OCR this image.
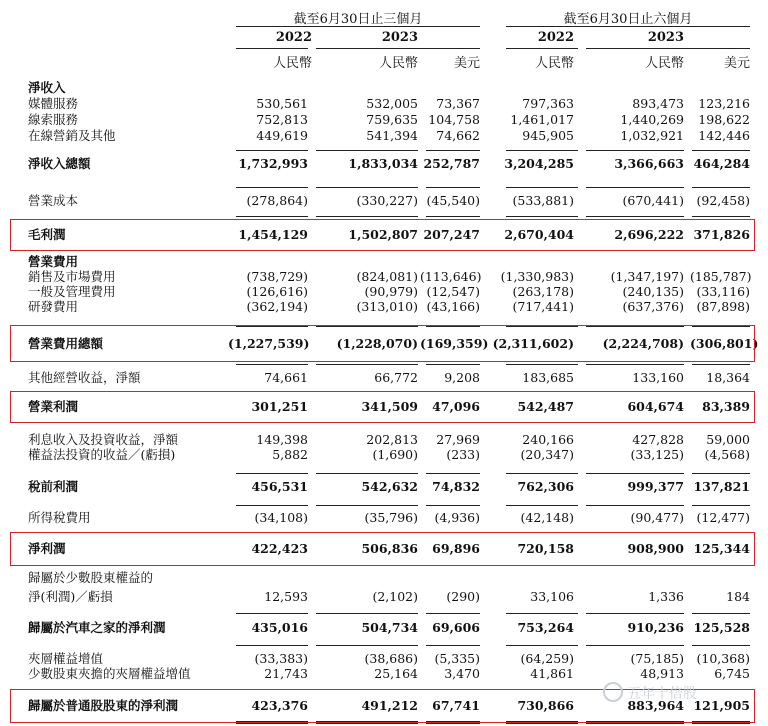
截至6月30日止三個月	截至6月30日止六個月
2022	2023	2022	2023
人民幣	人民幣	美元	人民幣	人民幣	美元
淨收入
媒體服務	530,561	532,005	73,367	797,363	893,473	123,216
線索服務	752,813	759,635 104,758	1,461,017	1,440,269	198,622
在線營銷及其他	449,619	541,394	74,662	945,905	1,032,921	142,446
淨收入總額	1,732,993	1,833,034 252,787	3,204,285	3,366,663 464,284
營業成本	(278,864)	(330,227) (45,540)	(533,881)	(670,441)	(92,458)
毛利潤	1,454,129	1,502,807 207,247	2,670,404	2,696,222 371,826
營業費用
銷售及市場費用	(738,729)	(824,081) (113,646)	(1,330,983)	(1,347,197) (185,787)
一般及管理費用	(126,616)	(90,979) (12,547)	(263,178)	(240,135)	(33,116)
研發費用	(362,194)	(313,010) (43,166)	(717,441)	(637,376)	(87,898)
營業費用總額	(1,227,539)	(1,228,070) (169,359) (2,311,602)	(2,224,708) (306,801)
其他經營收益，淨額	74,661	66,772	9,208	183,685	133,160	18,364
營業利潤	301,251	341,509	47,096	542,487	604,674	83,389
利息收入及投資收益，淨額	149,398	202,813	27,969	240,166	427,828	59,000
權益法投資的收益／(虧損)	5,882	(1,690)	(233)	(20,347)	(33,125)	(4,568)
稅前利潤	456,531	542,632	74,832	762,306	999,377 137,821
所得稅費用	(34,108)	(35,796)	(4,936)	(42,148)	(90,477)	(12,477)
淨利潤	422,423	506,836	69,896	720,158	908,900 125,344
歸屬於少數股東權益的
淨(利潤)／虧損	12,593	(2,102)	(290)	33,106	1,336	184
歸屬於汽車之家的淨利潤	435,016	504,734	69,606	753,264	910,236 125,528
夾層權益增值	(33,383)	(38,686)	(5,335)	(64,259)	(75,185)	(10,368)
少數股東夾擔的夾層權益增值	21,743	25,164	3,470	41,861	48,913	6,745
歸屬於普通股股東的淨利潤	423,376	491,212	67,741	730,866	883,964 121,905
五年十倍股
